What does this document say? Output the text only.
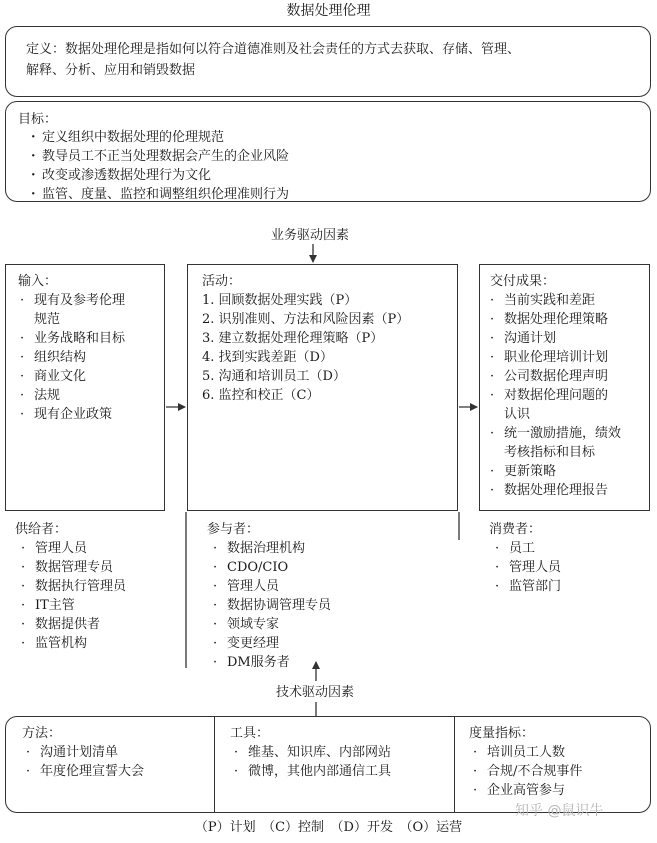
数据处理伦理
定义：数据处理伦理是指如何以符合道德准则及社会责任的方式去获取、存储、管理、
解释、分析、应用和销毁数据
目标：
· 定义组织中数据处理的伦理规范
· 教导员工不正当处理数据会产生的企业风险
· 改变或渗透数据处理行为文化
· 监管、度量、监控和调整组织伦理准则行为
业务驱动因素
输入：
· 现有及参考伦理
规范
· 业务战略和目标
· 组织结构
· 商业文化
· 法规
· 现有企业政策
活动：
1. 回顾数据处理实践（P）
2. 识别准则、方法和风险因素（P）
3. 建立数据处理伦理策略（P）
4. 找到实践差距（D）
5. 沟通和培训员工（D）
6. 监控和校正（C）
交付成果：
· 当前实践和差距
· 数据处理伦理策略
· 沟通计划
· 职业伦理培训计划
· 公司数据伦理声明
· 对数据伦理问题的
认识
· 统一激励措施，绩效
考核指标和目标
· 更新策略
· 数据处理伦理报告
供给者：
· 管理人员
· 数据管理专员
· 数据执行管理员
· IT主管
· 数据提供者
· 监管机构
参与者：
· 数据治理机构
· CDO/CIO
· 管理人员
· 数据协调管理专员
· 领域专家
· 变更经理
· DM服务者
消费者：
· 员工
· 管理人员
· 监管部门
技术驱动因素
方法：
· 沟通计划清单
· 年度伦理宣誓大会
工具：
· 维基、知识库、内部网站
· 微博，其他内部通信工具
度量指标：
· 培训员工人数
· 合规/不合规事件
· 企业高管参与
知乎 @鼠识牛
（P）计划　（C）控制　（D）开发　（O）运营
